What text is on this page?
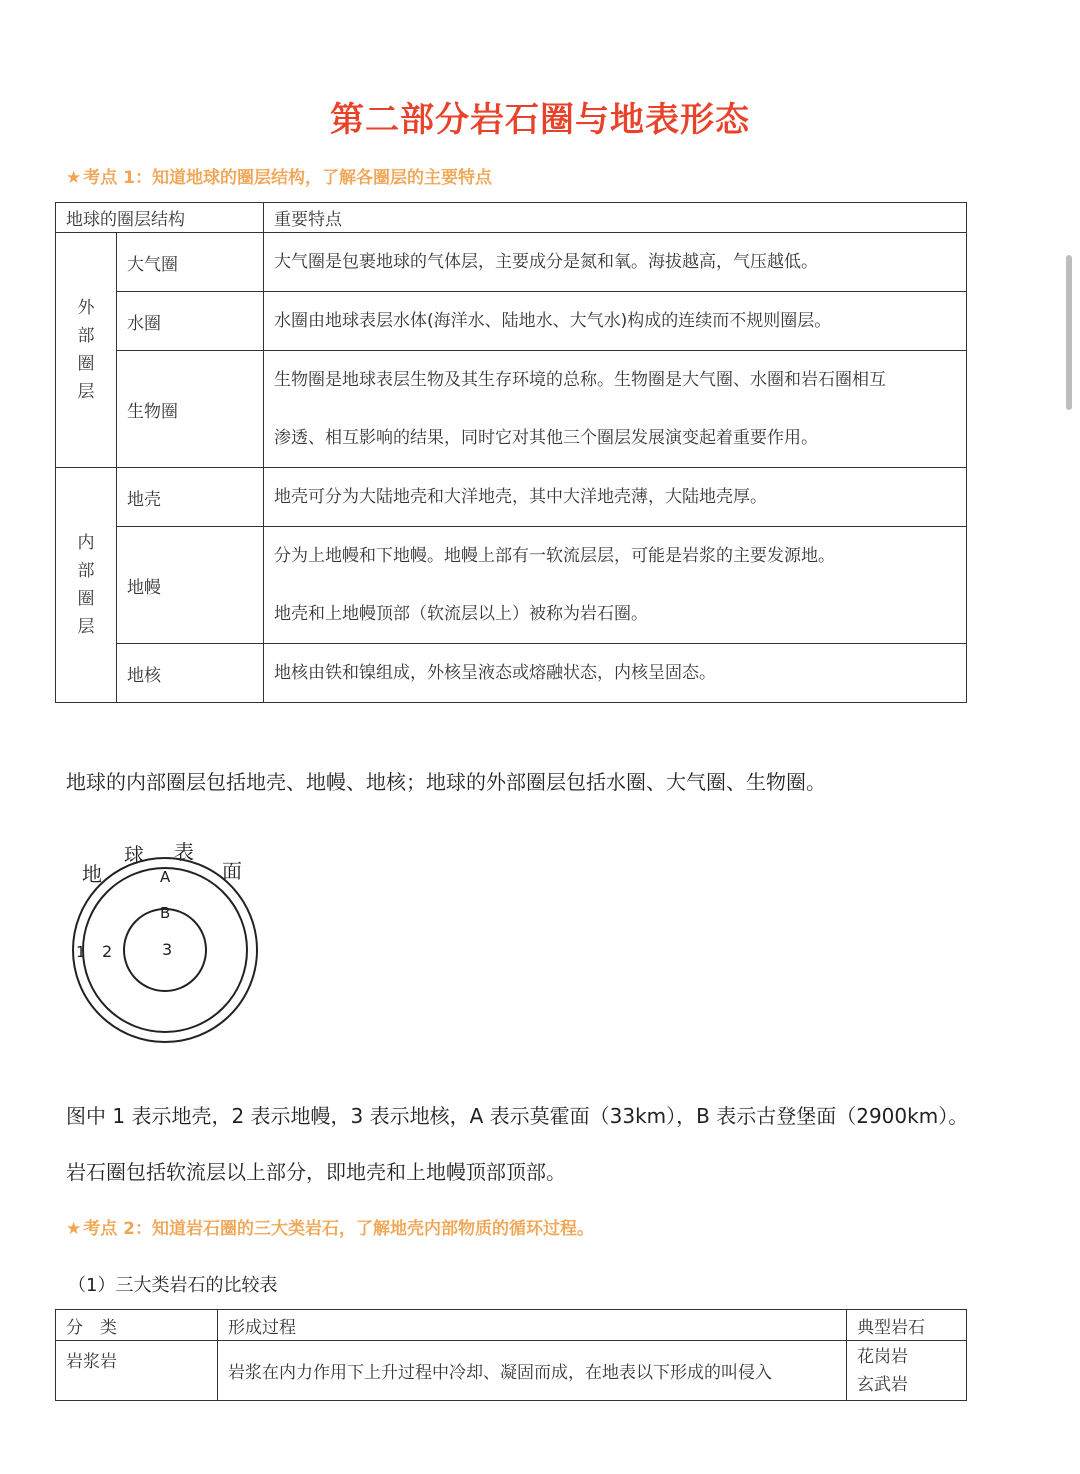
第二部分岩石圈与地表形态
★ 考点 1：知道地球的圈层结构，了解各圈层的主要特点
地球的圈层结构		重要特点

外
部
圈
层	大气圈	大气圈是包裹地球的气体层，主要成分是氮和氧。海拔越高，气压越低。

	水圈	水圈由地球表层水体(海洋水、陆地水、大气水)构成的连续而不规则圈层。

	生物圈	生物圈是地球表层生物及其生存环境的总称。生物圈是大气圈、水圈和岩石圈相互
渗透、相互影响的结果，同时它对其他三个圈层发展演变起着重要作用。

内
部
圈
层	地壳	地壳可分为大陆地壳和大洋地壳，其中大洋地壳薄，大陆地壳厚。

	地幔	分为上地幔和下地幔。地幔上部有一软流层层，可能是岩浆的主要发源地。
地壳和上地幔顶部（软流层以上）被称为岩石圈。

	地核	地核由铁和镍组成，外核呈液态或熔融状态，内核呈固态。
地球的内部圈层包括地壳、地幔、地核；地球的外部圈层包括水圈、大气圈、生物圈。
地
球 表
面
A
B
1 2	3
图中 1 表示地壳，2 表示地幔，3 表示地核，A 表示莫霍面（33km），B 表示古登堡面（2900km）。
岩石圈包括软流层以上部分，即地壳和上地幔顶部顶部。
★ 考点 2：知道岩石圈的三大类岩石，了解地壳内部物质的循环过程。
（1）三大类岩石的比较表
分　类	形成过程	典型岩石
岩浆岩	岩浆在内力作用下上升过程中冷却、凝固而成，在地表以下形成的叫侵入	花岗岩
玄武岩
